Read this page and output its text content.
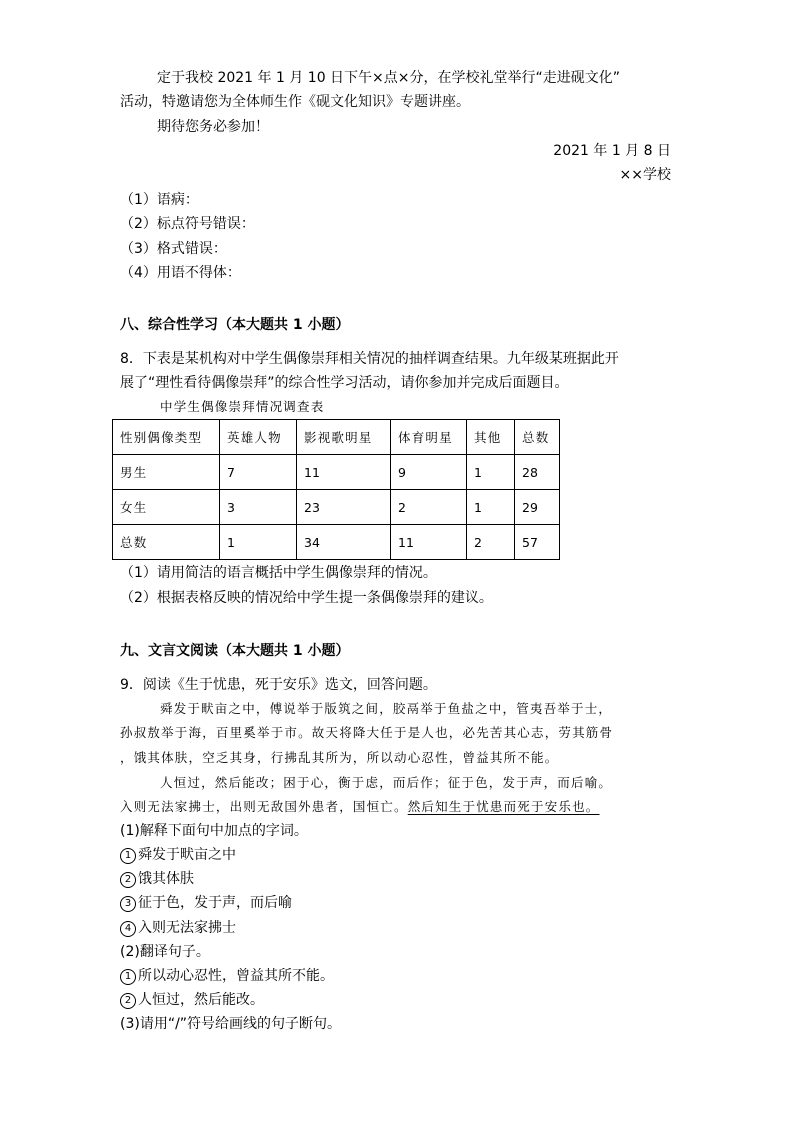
定于我校 2021 年 1 月 10 日下午×点×分，在学校礼堂举行“走进砚文化”
活动，特邀请您为全体师生作《砚文化知识》专题讲座。
期待您务必参加！
2021 年 1 月 8 日
××学校
（1）语病：
（2）标点符号错误：
（3）格式错误：
（4）用语不得体：
八、综合性学习（本大题共 1 小题）
8．下表是某机构对中学生偶像崇拜相关情况的抽样调查结果。九年级某班据此开
展了“理性看待偶像崇拜”的综合性学习活动，请你参加并完成后面题目。
中学生偶像崇拜情况调查表
性别偶像类型	英雄人物	影视歌明星	体育明星	其他	总数
男生	7	11	9	1	28
女生	3	23	2	1	29
总数	1	34	11	2	57
（1）请用简洁的语言概括中学生偶像崇拜的情况。
（2）根据表格反映的情况给中学生提一条偶像崇拜的建议。
九、文言文阅读（本大题共 1 小题）
9．阅读《生于忧患，死于安乐》选文，回答问题。
舜发于畎亩之中，傅说举于版筑之间，胶鬲举于鱼盐之中，管夷吾举于士，
孙叔敖举于海，百里奚举于市。故天将降大任于是人也，必先苦其心志，劳其筋骨
，饿其体肤，空乏其身，行拂乱其所为，所以动心忍性，曾益其所不能。
人恒过，然后能改；困于心，衡于虑，而后作；征于色，发于声，而后喻。
入则无法家拂士，出则无敌国外患者，国恒亡。然后知生于忧患而死于安乐也。
(1)解释下面句中加点的字词。
1 舜发于畎亩之中
2 饿其体肤
3 征于色，发于声，而后喻
4 入则无法家拂士
(2)翻译句子。
1 所以动心忍性，曾益其所不能。
2 人恒过，然后能改。
(3)请用“/”符号给画线的句子断句。
